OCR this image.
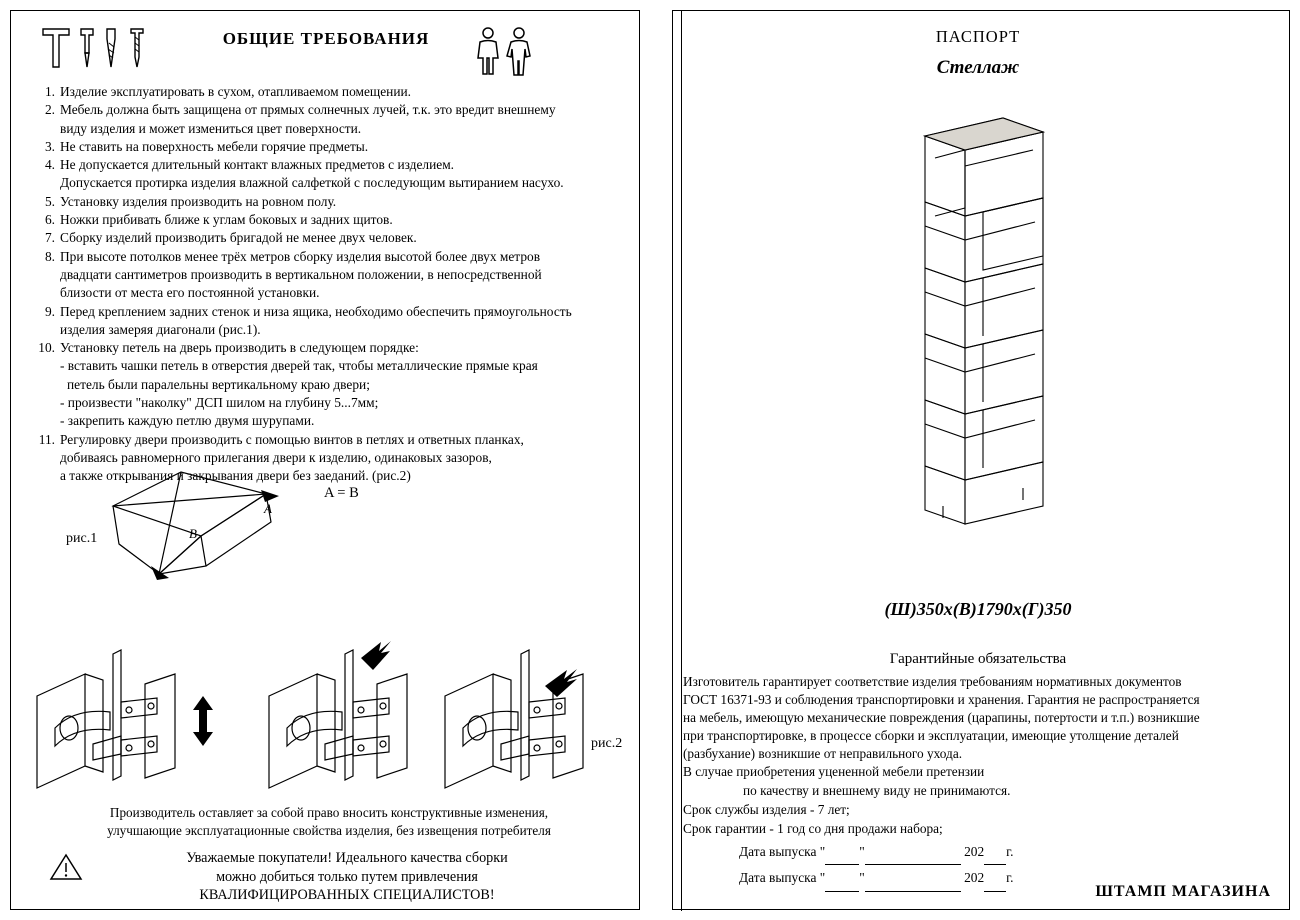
ОБЩИЕ ТРЕБОВАНИЯ
1. Изделие эксплуатировать в сухом, отапливаемом помещении.
2. Мебель должна быть защищена от прямых солнечных лучей, т.к. это вредит внешнему
виду изделия и может измениться цвет поверхности.
3. Не ставить на поверхность мебели горячие предметы.
4. Не допускается длительный контакт влажных предметов с изделием.
Допускается протирка изделия влажной салфеткой с последующим вытиранием насухо.
5. Установку изделия производить на ровном полу.
6. Ножки прибивать ближе к углам боковых и задних щитов.
7. Сборку изделий производить бригадой не менее двух человек.
8. При высоте потолков менее трёх метров сборку изделия высотой более двух метров
двадцати сантиметров производить в вертикальном положении, в непосредственной
близости от места его постоянной установки.
9. Перед креплением задних стенок и низа ящика, необходимо обеспечить прямоугольность
изделия замеряя диагонали (рис.1).
10. Установку петель на дверь производить в следующем порядке:
- вставить чашки петель в отверстия дверей так, чтобы металлические прямые края
петель были паралельны вертикальному краю двери;
- произвести "наколку" ДСП шилом на глубину 5...7мм;
- закрепить каждую петлю двумя шурупами.
11. Регулировку двери производить с помощью винтов в петлях и ответных планках,
добиваясь равномерного прилегания двери к изделию, одинаковых зазоров,
а также открывания и закрывания двери без заеданий. (рис.2)
рис.1
A
B
A = B
рис.2
Производитель оставляет за собой право вносить конструктивные изменения,
улучшающие эксплуатационные свойства изделия, без извещения потребителя
Уважаемые покупатели! Идеального качества сборки
можно добиться только путем привлечения
КВАЛИФИЦИРОВАННЫХ СПЕЦИАЛИСТОВ!
ПАСПОРТ
Стеллаж
(Ш)350х(В)1790х(Г)350
Гарантийные обязательства
Изготовитель гарантирует соответствие изделия требованиям нормативных документов
ГОСТ 16371-93 и соблюдения транспортировки и хранения. Гарантия не распространяется
на мебель, имеющую механические повреждения (царапины, потертости и т.п.) возникшие
при транспортировке, в процессе сборки и эксплуатации, имеющие утолщение деталей
(разбухание) возникшие от неправильного ухода.
В случае приобретения уцененной мебели претензии
по качеству и внешнему виду не принимаются.
Срок службы изделия - 7 лет;
Срок гарантии - 1 год со дня продажи набора;
Дата выпуска "	"	202 г.
Дата выпуска "	"	202 г.
ШТАМП МАГАЗИНА
